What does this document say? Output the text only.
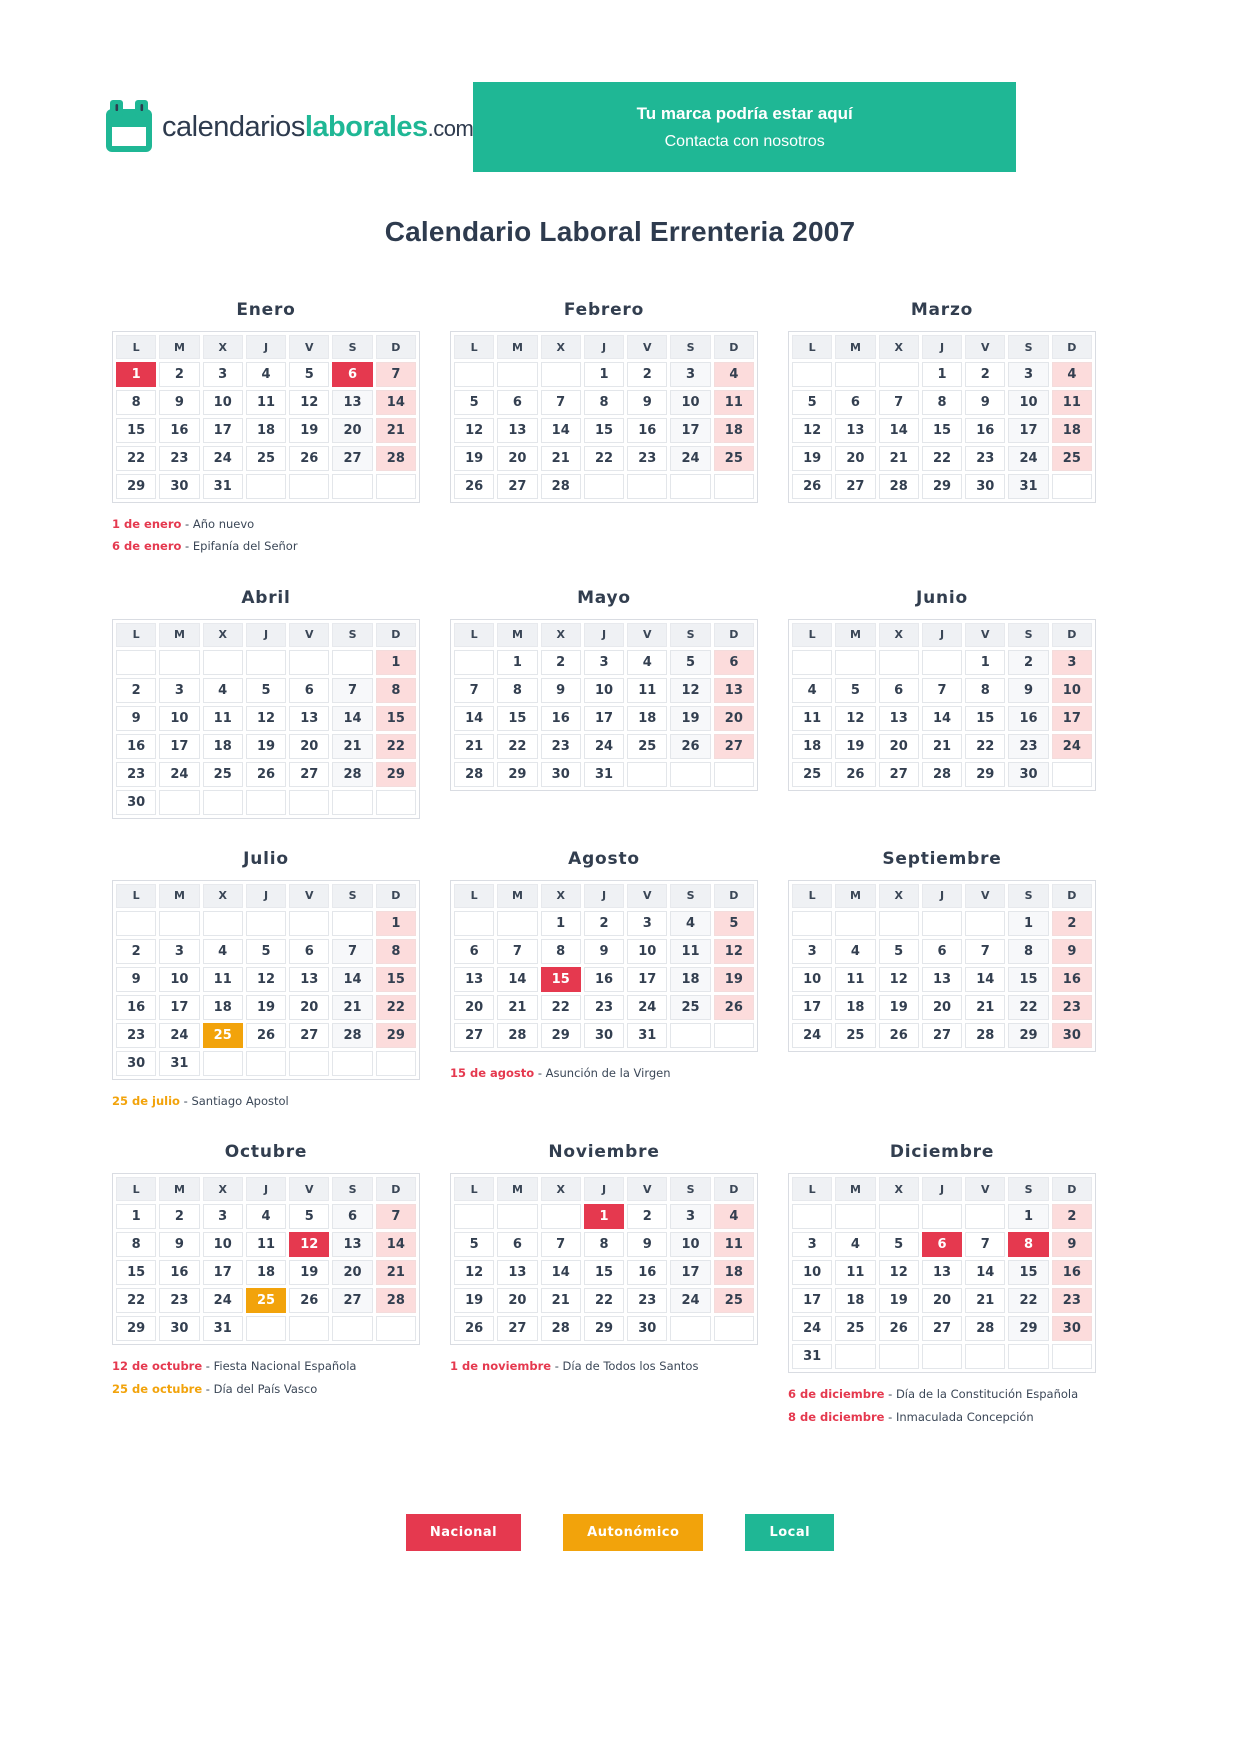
calendarioslaborales.com
Tu marca podría estar aquí
Contacta con nosotros
Calendario Laboral Errenteria 2007
Enero
L	M	X	J	V	S	D
1	2	3	4	5	6	7
8	9	10	11	12	13	14
15	16	17	18	19	20	21
22	23	24	25	26	27	28
29	30	31				

1 de enero - Año nuevo

6 de enero - Epifanía del Señor

Febrero
L	M	X	J	V	S	D
			1	2	3	4
5	6	7	8	9	10	11
12	13	14	15	16	17	18
19	20	21	22	23	24	25
26	27	28				
Marzo
L	M	X	J	V	S	D
			1	2	3	4
5	6	7	8	9	10	11
12	13	14	15	16	17	18
19	20	21	22	23	24	25
26	27	28	29	30	31	
Abril
L	M	X	J	V	S	D
						1
2	3	4	5	6	7	8
9	10	11	12	13	14	15
16	17	18	19	20	21	22
23	24	25	26	27	28	29
30						
Mayo
L	M	X	J	V	S	D
	1	2	3	4	5	6
7	8	9	10	11	12	13
14	15	16	17	18	19	20
21	22	23	24	25	26	27
28	29	30	31			
Junio
L	M	X	J	V	S	D
				1	2	3
4	5	6	7	8	9	10
11	12	13	14	15	16	17
18	19	20	21	22	23	24
25	26	27	28	29	30	
Julio
L	M	X	J	V	S	D
						1
2	3	4	5	6	7	8
9	10	11	12	13	14	15
16	17	18	19	20	21	22
23	24	25	26	27	28	29
30	31					

25 de julio - Santiago Apostol

Agosto
L	M	X	J	V	S	D
		1	2	3	4	5
6	7	8	9	10	11	12
13	14	15	16	17	18	19
20	21	22	23	24	25	26
27	28	29	30	31		

15 de agosto - Asunción de la Virgen

Septiembre
L	M	X	J	V	S	D
					1	2
3	4	5	6	7	8	9
10	11	12	13	14	15	16
17	18	19	20	21	22	23
24	25	26	27	28	29	30
Octubre
L	M	X	J	V	S	D
1	2	3	4	5	6	7
8	9	10	11	12	13	14
15	16	17	18	19	20	21
22	23	24	25	26	27	28
29	30	31				

12 de octubre - Fiesta Nacional Española

25 de octubre - Día del País Vasco

Noviembre
L	M	X	J	V	S	D
			1	2	3	4
5	6	7	8	9	10	11
12	13	14	15	16	17	18
19	20	21	22	23	24	25
26	27	28	29	30		

1 de noviembre - Día de Todos los Santos

Diciembre
L	M	X	J	V	S	D
					1	2
3	4	5	6	7	8	9
10	11	12	13	14	15	16
17	18	19	20	21	22	23
24	25	26	27	28	29	30
31						

6 de diciembre - Día de la Constitución Española

8 de diciembre - Inmaculada Concepción

Nacional	Autonómico	Local
